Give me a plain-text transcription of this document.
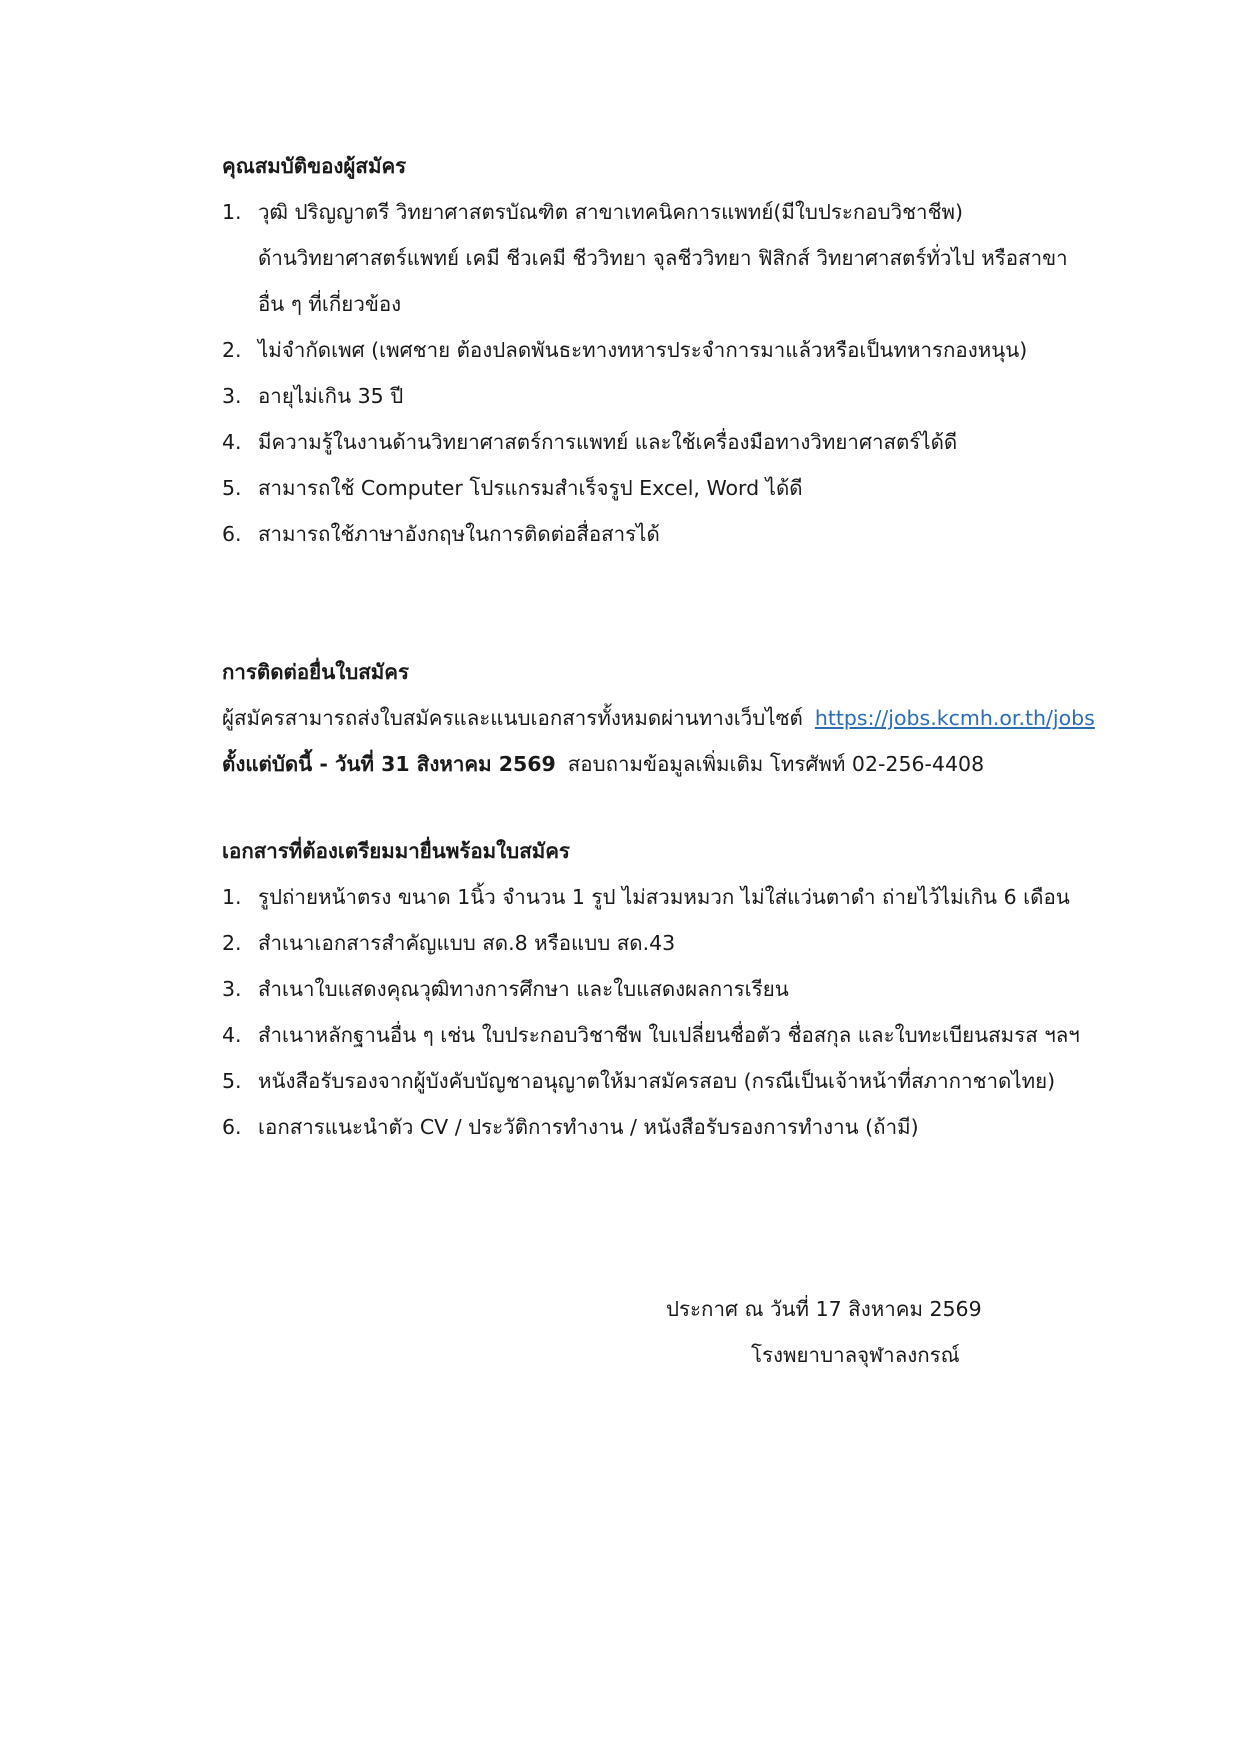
คุณสมบัติของผู้สมัคร
1. วุฒิ ปริญญาตรี วิทยาศาสตรบัณฑิต สาขาเทคนิคการแพทย์(มีใบประกอบวิชาชีพ)
ด้านวิทยาศาสตร์แพทย์ เคมี ชีวเคมี ชีววิทยา จุลชีววิทยา ฟิสิกส์ วิทยาศาสตร์ทั่วไป หรือสาขา
อื่น ๆ ที่เกี่ยวข้อง
2. ไม่จำกัดเพศ (เพศชาย ต้องปลดพันธะทางทหารประจำการมาแล้วหรือเป็นทหารกองหนุน)
3. อายุไม่เกิน 35 ปี
4. มีความรู้ในงานด้านวิทยาศาสตร์การแพทย์ และใช้เครื่องมือทางวิทยาศาสตร์ได้ดี
5. สามารถใช้ Computer โปรแกรมสำเร็จรูป Excel, Word ได้ดี
6. สามารถใช้ภาษาอังกฤษในการติดต่อสื่อสารได้
การติดต่อยื่นใบสมัคร
ผู้สมัครสามารถส่งใบสมัครและแนบเอกสารทั้งหมดผ่านทางเว็บไซต์ https://jobs.kcmh.or.th/jobs
ตั้งแต่บัดนี้ - วันที่ 31 สิงหาคม 2569 สอบถามข้อมูลเพิ่มเติม โทรศัพท์ 02-256-4408
เอกสารที่ต้องเตรียมมายื่นพร้อมใบสมัคร
1. รูปถ่ายหน้าตรง ขนาด 1นิ้ว จำนวน 1 รูป ไม่สวมหมวก ไม่ใส่แว่นตาดำ ถ่ายไว้ไม่เกิน 6 เดือน
2. สำเนาเอกสารสำคัญแบบ สด.8 หรือแบบ สด.43
3. สำเนาใบแสดงคุณวุฒิทางการศึกษา และใบแสดงผลการเรียน
4. สำเนาหลักฐานอื่น ๆ เช่น ใบประกอบวิชาชีพ ใบเปลี่ยนชื่อตัว ชื่อสกุล และใบทะเบียนสมรส ฯลฯ
5. หนังสือรับรองจากผู้บังคับบัญชาอนุญาตให้มาสมัครสอบ (กรณีเป็นเจ้าหน้าที่สภากาชาดไทย)
6. เอกสารแนะนำตัว CV / ประวัติการทำงาน / หนังสือรับรองการทำงาน (ถ้ามี)
ประกาศ ณ วันที่ 17 สิงหาคม 2569
โรงพยาบาลจุฬาลงกรณ์
